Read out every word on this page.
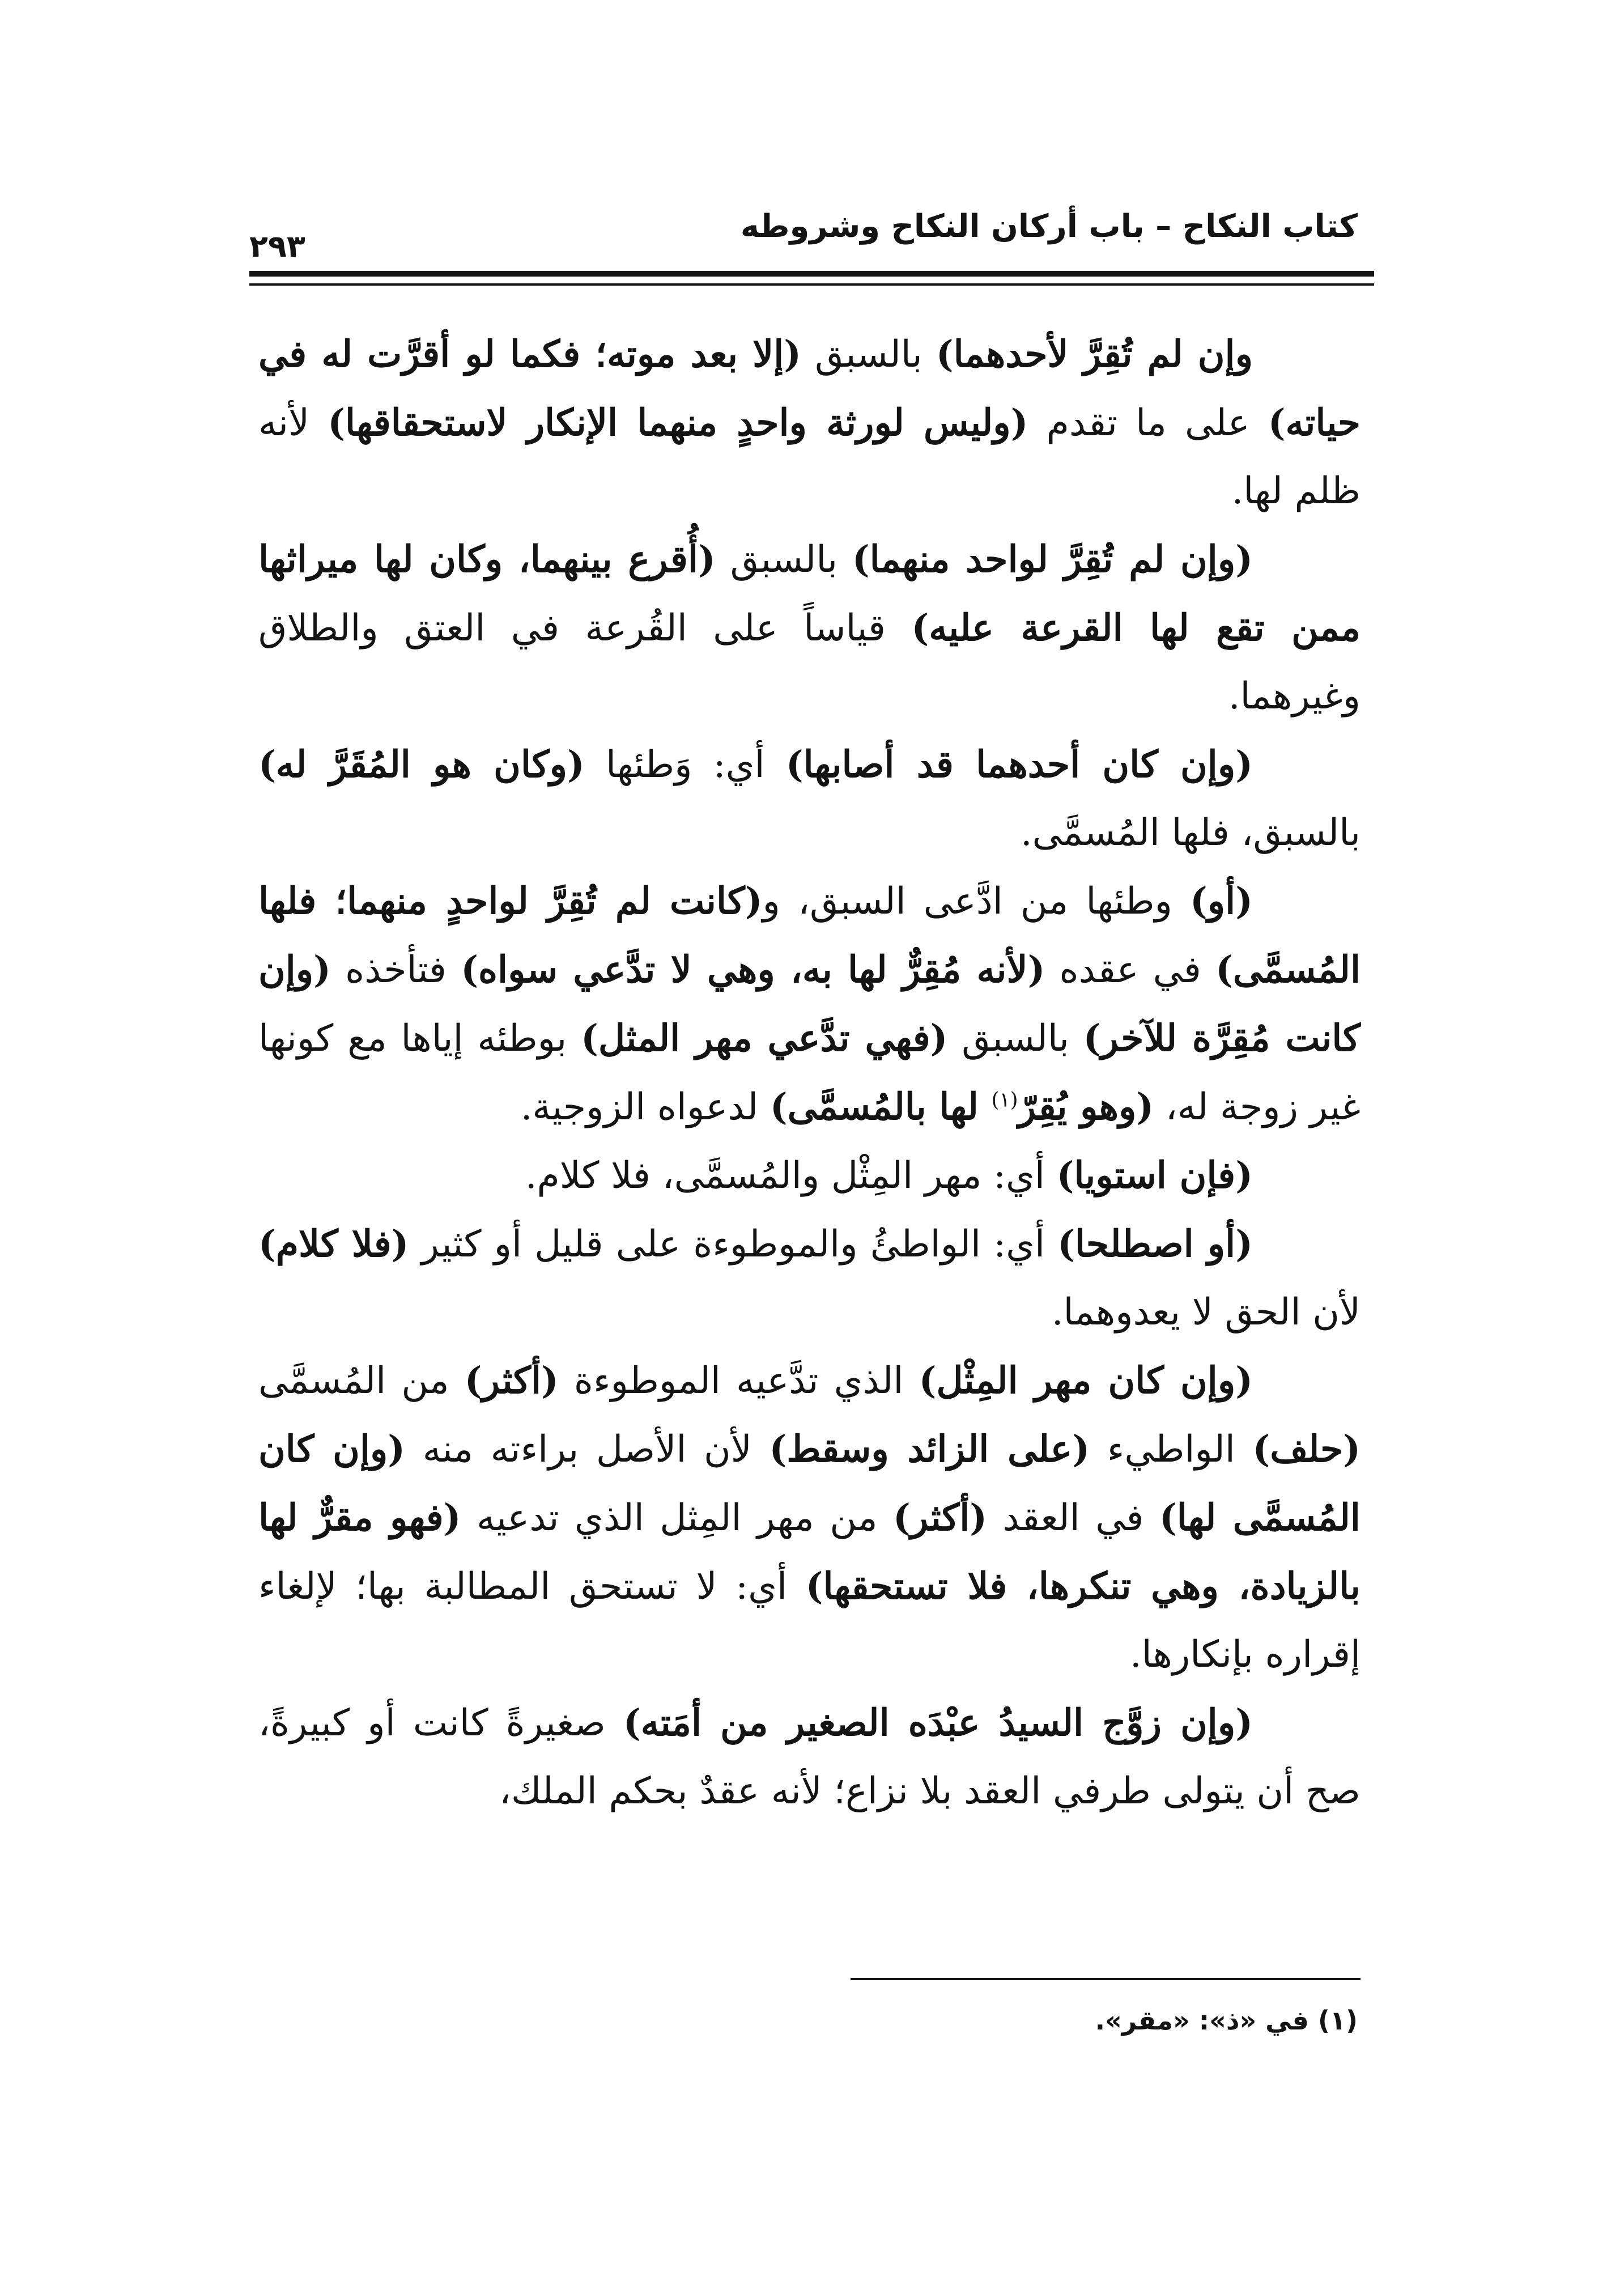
كتاب النكاح – باب أركان النكاح وشروطه
٢٩٣

وإن لم تُقِرَّ لأحدهما) بالسبق (إلا بعد موته؛ فكما لو أقرَّت له في حياته) على ما تقدم (وليس لورثة واحدٍ منهما الإنكار لاستحقاقها) لأنه ظلم لها.

(وإن لم تُقِرَّ لواحد منهما) بالسبق (أُقرع بينهما، وكان لها ميراثها ممن تقع لها القرعة عليه) قياساً على القُرعة في العتق والطلاق وغيرهما.

(وإن كان أحدهما قد أصابها) أي: وَطئها (وكان هو المُقَرَّ له) بالسبق، فلها المُسمَّى.

(أو) وطئها من ادَّعى السبق، و(كانت لم تُقِرَّ لواحدٍ منهما؛ فلها المُسمَّى) في عقده (لأنه مُقِرٌّ لها به، وهي لا تدَّعي سواه) فتأخذه (وإن كانت مُقِرَّة للآخر) بالسبق (فهي تدَّعي مهر المثل) بوطئه إياها مع كونها غير زوجة له، (وهو يُقِرّ$^{(١)}$ لها بالمُسمَّى) لدعواه الزوجية.

(فإن استويا) أي: مهر المِثْل والمُسمَّى، فلا كلام.

(أو اصطلحا) أي: الواطئُ والموطوءة على قليل أو كثير (فلا كلام) لأن الحق لا يعدوهما.

(وإن كان مهر المِثْل) الذي تدَّعيه الموطوءة (أكثر) من المُسمَّى (حلف) الواطيء (على الزائد وسقط) لأن الأصل براءته منه (وإن كان المُسمَّى لها) في العقد (أكثر) من مهر المِثل الذي تدعيه (فهو مقرٌّ لها بالزيادة، وهي تنكرها، فلا تستحقها) أي: لا تستحق المطالبة بها؛ لإلغاء إقراره بإنكارها.

(وإن زوَّج السيدُ عبْدَه الصغير من أمَته) صغيرةً كانت أو كبيرةً، صح أن يتولى طرفي العقد بلا نزاع؛ لأنه عقدٌ بحكم الملك،

(١) في «ذ»: «مقر».
